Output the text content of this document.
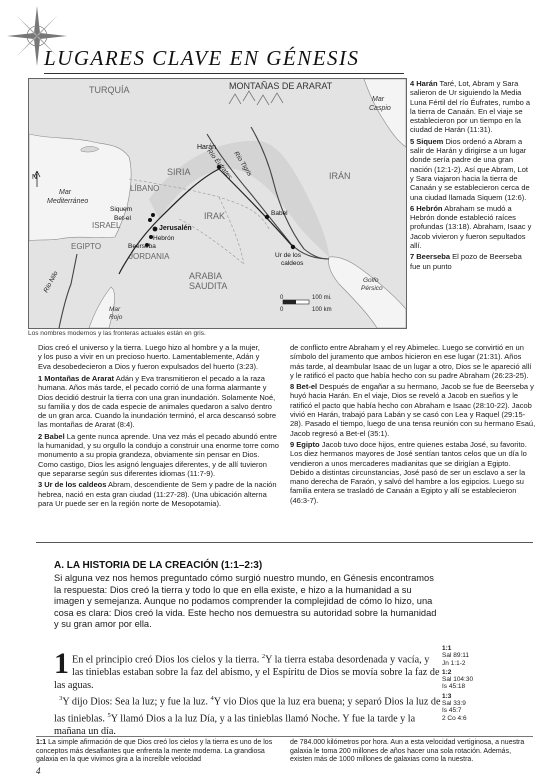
LUGARES CLAVE EN GÉNESIS
MONTAÑAS DE ARARAT
TURQUÍA
Mar
Caspio
Harán
Río Tigris
Río Éufrates
SIRIA
LÍBANO
Mar
Mediterráneo
Siquem
Bet-el
ISRAEL	Jerusalén
Hebrón
Beerseba
JORDANIA
EGIPTO
IRAK
IRÁN
Babel
Ur de los
caldeos
ARABIA
SAUDITA
Golfo
Pérsico
Río Nilo
Mar
Rojo
N
100 mi.
100 km
0
0
Los nombres modernos y las fronteras actuales están en gris.
Dios creó el universo y la tierra. Luego hizo al hombre y a la mujer, y los puso a vivir en un precioso huerto. Lamentablemente, Adán y Eva desobedecieron a Dios y fueron expulsados del huerto (3:23).

1 Montañas de Ararat Adán y Eva transmitieron el pecado a la raza humana. Años más tarde, el pecado corrió de una forma alarmante y Dios decidió destruir la tierra con una gran inundación. Solamente Noé, su familia y dos de cada especie de animales quedaron a salvo dentro de un gran arca. Cuando la inundación terminó, el arca descansó sobre las montañas de Ararat (8:4).

2 Babel La gente nunca aprende. Una vez más el pecado abundó entre la humanidad, y su orgullo la condujo a construir una enorme torre como monumento a su propia grandeza, obviamente sin pensar en Dios. Como castigo, Dios les asignó lenguajes diferentes, y de allí tuvieron que separarse según sus diferentes idiomas (11:7-9).

3 Ur de los caldeos Abram, descendiente de Sem y padre de la nación hebrea, nació en esta gran ciudad (11:27-28). (Una ubicación alterna para Ur puede ser en la región norte de Mesopotamia).

4 Harán Taré, Lot, Abram y Sara salieron de Ur siguiendo la Media Luna Fértil del río Éufrates, rumbo a la tierra de Canaán. En el viaje se establecieron por un tiempo en la ciudad de Harán (11:31).

5 Siquem Dios ordenó a Abram a salir de Harán y dirigirse a un lugar donde sería padre de una gran nación (12:1-2). Así que Abram, Lot y Sara viajaron hacia la tierra de Canaán y se establecieron cerca de una ciudad llamada Siquem (12:6).

6 Hebrón Abraham se mudó a Hebrón donde estableció raíces profundas (13:18). Abraham, Isaac y Jacob vivieron y fueron sepultados allí.

7 Beerseba El pozo de Beerseba fue un punto

de conflicto entre Abraham y el rey Abimelec. Luego se convirtió en un símbolo del juramento que ambos hicieron en ese lugar (21:31). Años más tarde, al deambular Isaac de un lugar a otro, Dios se le apareció allí y le ratificó el pacto que había hecho con su padre Abraham (26:23-25).

8 Bet-el Después de engañar a su hermano, Jacob se fue de Beerseba y huyó hacia Harán. En el viaje, Dios se reveló a Jacob en sueños y le ratificó el pacto que había hecho con Abraham e Isaac (28:10-22). Jacob vivió en Harán, trabajó para Labán y se casó con Lea y Raquel (29:15-28). Pasado el tiempo, luego de una tensa reunión con su hermano Esaú, Jacob regresó a Bet-el (35:1).

9 Egipto Jacob tuvo doce hijos, entre quienes estaba José, su favorito. Los diez hermanos mayores de José sentían tantos celos que un día lo vendieron a unos mercaderes madianitas que se dirigían a Egipto. Debido a distintas circunstancias, José pasó de ser un esclavo a ser la mano derecha de Faraón, y salvó del hambre a los egipcios. Luego su familia entera se trasladó de Canaán a Egipto y allí se establecieron (46:3-7).

A. LA HISTORIA DE LA CREACIÓN (1:1–2:3)
Si alguna vez nos hemos preguntado cómo surgió nuestro mundo, en Génesis encontramos la respuesta: Dios creó la tierra y todo lo que en ella existe, e hizo a la humanidad a su imagen y semejanza. Aunque no podamos comprender la complejidad de cómo lo hizo, una cosa es clara: Dios creó la vida. Este hecho nos demuestra su autoridad sobre la humanidad y su gran amor por ella.
1 En el principio creó Dios los cielos y la tierra. $^2$Y la tierra estaba desordenada y vacía, y las tinieblas estaban sobre la faz del abismo, y el Espíritu de Dios se movía sobre la faz de las aguas.
$^3$Y dijo Dios: Sea la luz; y fue la luz. $^4$Y vio Dios que la luz era buena; y separó Dios la luz de las tinieblas. $^5$Y llamó Dios a la luz Día, y a las tinieblas llamó Noche. Y fue la tarde y la mañana un día.
1:1
Sal 89:11
Jn 1:1-2
1:2
Sal 104:30
Is 45:18
1:3
Sal 33:9
Is 45:7
2 Co 4:6
1:1 La simple afirmación de que Dios creó los cielos y la tierra es uno de los conceptos más desafiantes que enfrenta la mente moderna. La grandiosa galaxia en la que vivimos gira a la increíble velocidad
de 784.000 kilómetros por hora. Aun a esta velocidad vertiginosa, a nuestra galaxia le toma 200 millones de años hacer una sola rotación. Además, existen más de 1000 millones de galaxias como la nuestra.
4
